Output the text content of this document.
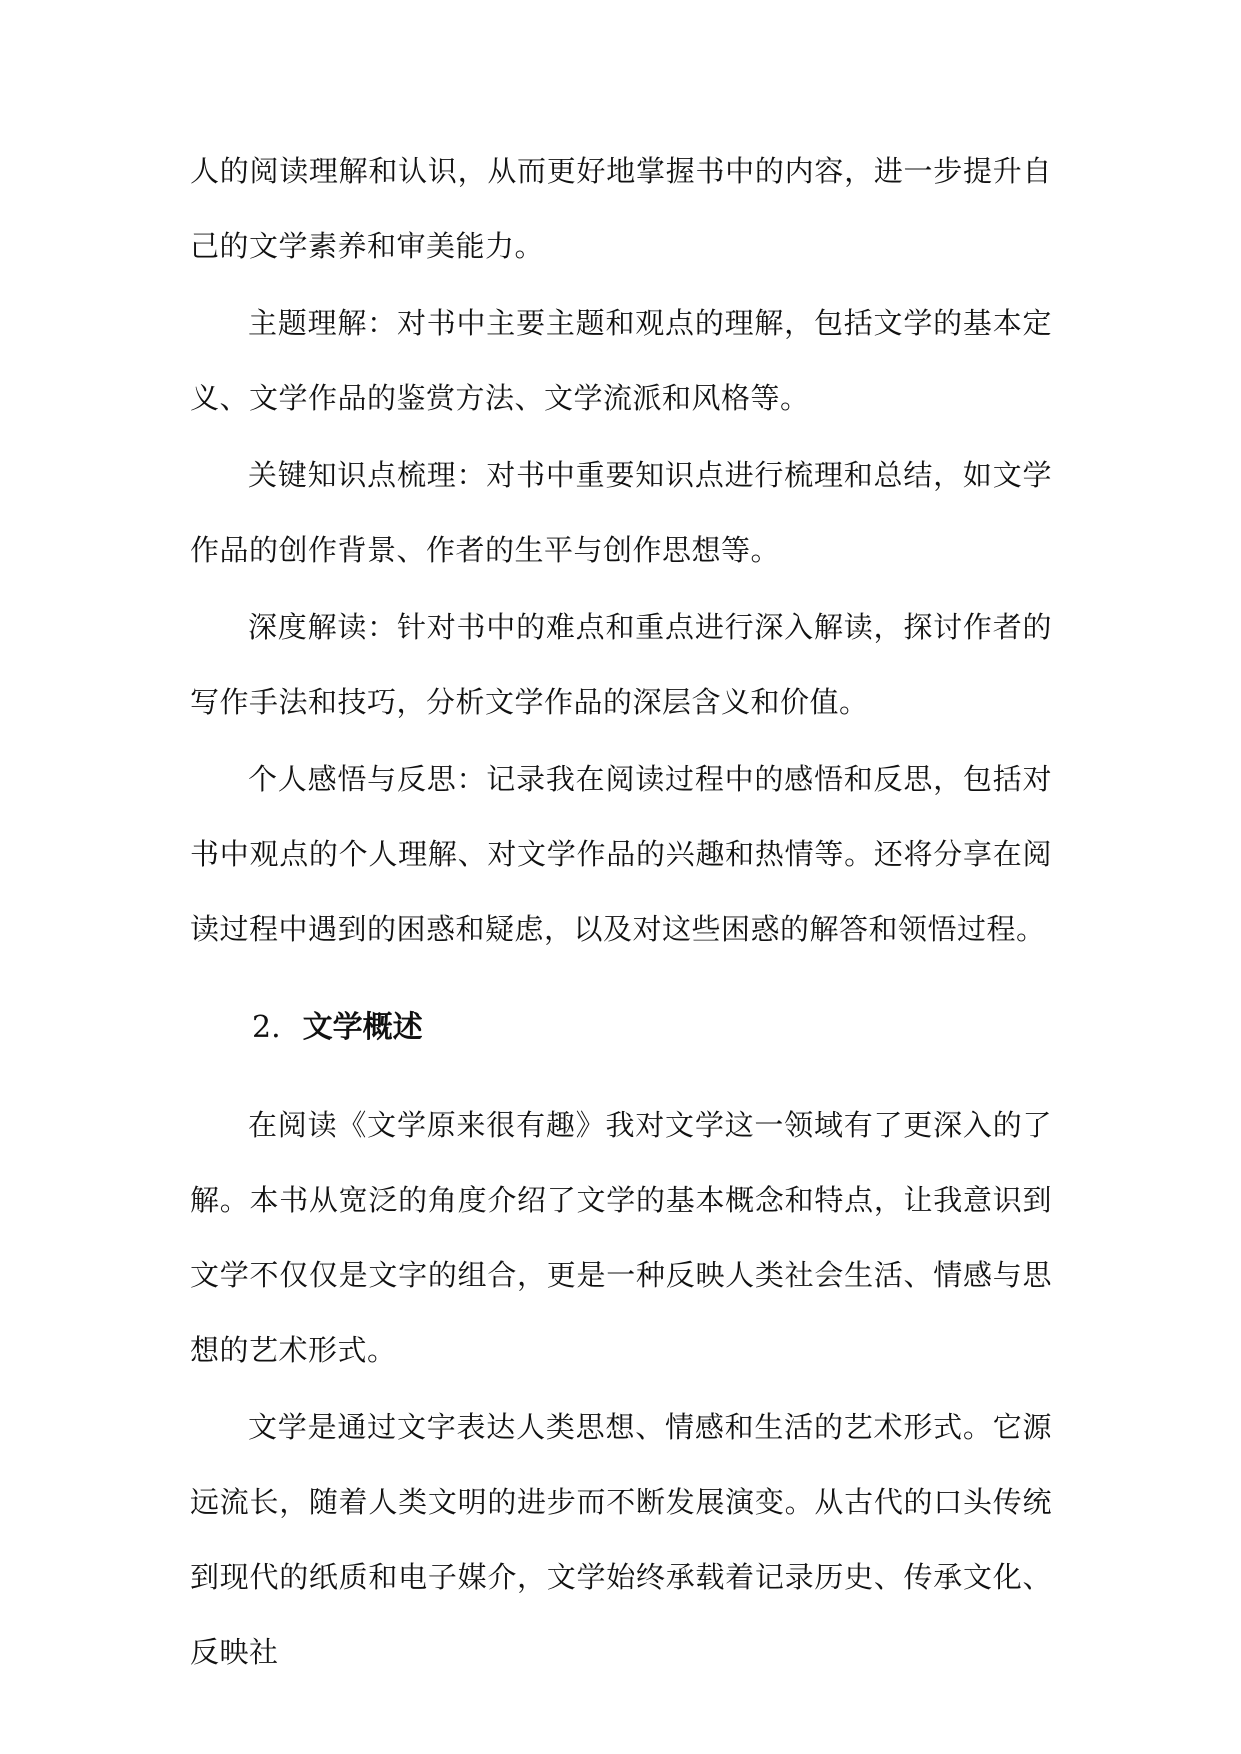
人的阅读理解和认识，从而更好地掌握书中的内容，进一步提升自己的文学素养和审美能力。

主题理解：对书中主要主题和观点的理解，包括文学的基本定义、文学作品的鉴赏方法、文学流派和风格等。

关键知识点梳理：对书中重要知识点进行梳理和总结，如文学作品的创作背景、作者的生平与创作思想等。

深度解读：针对书中的难点和重点进行深入解读，探讨作者的写作手法和技巧，分析文学作品的深层含义和价值。

个人感悟与反思：记录我在阅读过程中的感悟和反思，包括对书中观点的个人理解、对文学作品的兴趣和热情等。还将分享在阅读过程中遇到的困惑和疑虑，以及对这些困惑的解答和领悟过程。

2. 文学概述

在阅读《文学原来很有趣》我对文学这一领域有了更深入的了解。本书从宽泛的角度介绍了文学的基本概念和特点，让我意识到文学不仅仅是文字的组合，更是一种反映人类社会生活、情感与思想的艺术形式。

文学是通过文字表达人类思想、情感和生活的艺术形式。它源远流长，随着人类文明的进步而不断发展演变。从古代的口头传统到现代的纸质和电子媒介，文学始终承载着记录历史、传承文化、反映社
